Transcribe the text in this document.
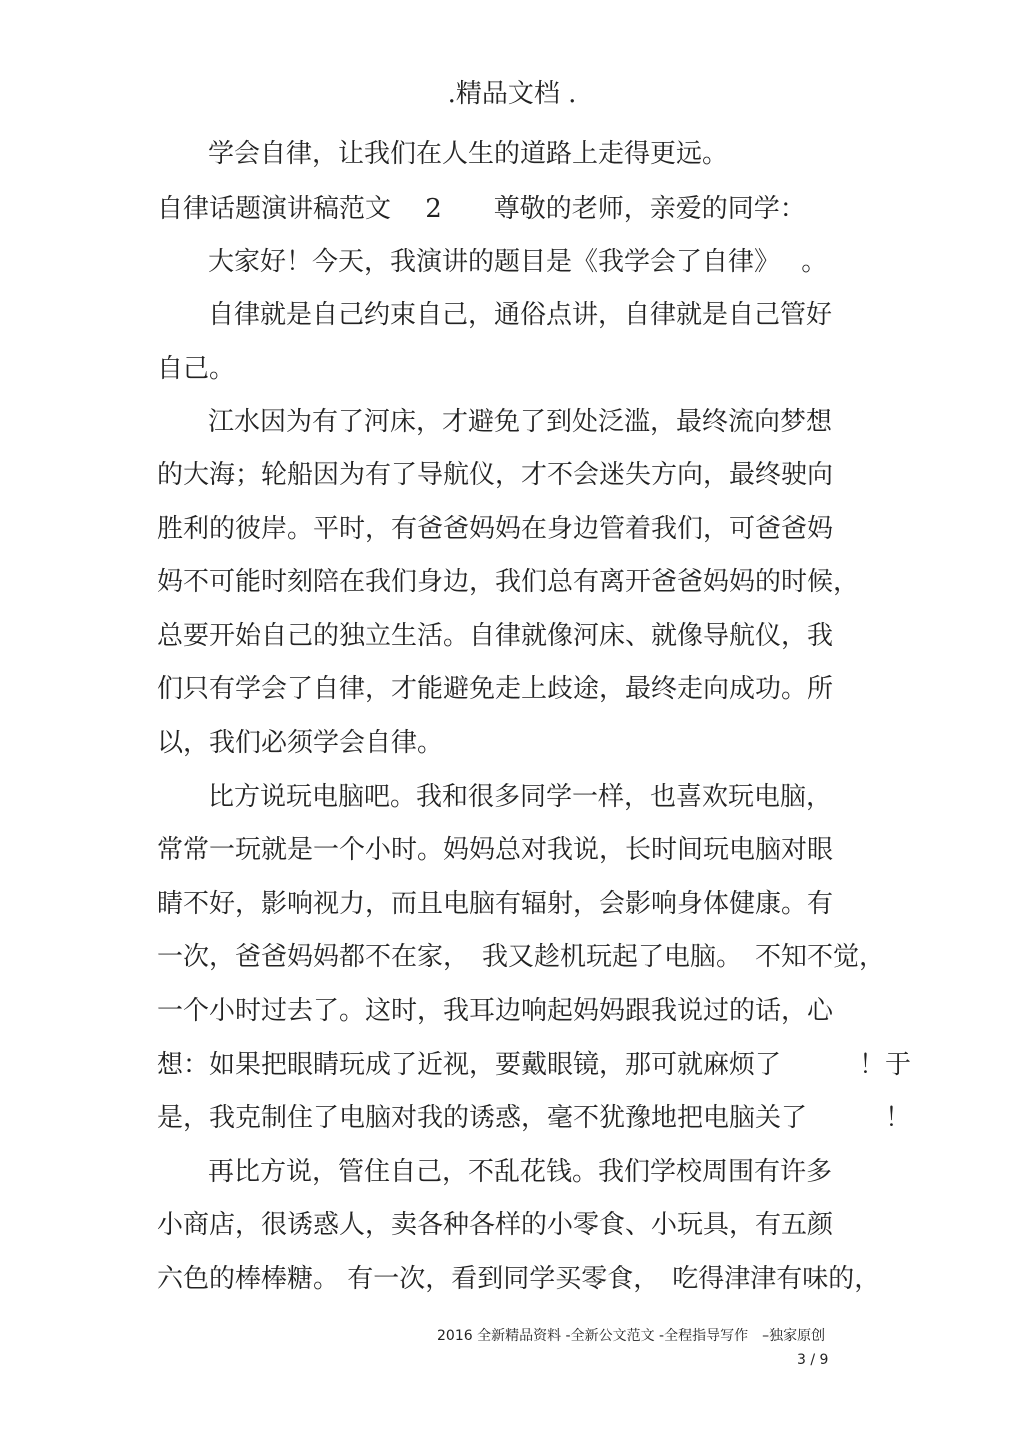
.精品文档 .
学会自律，让我们在人生的道路上走得更远。
自律话题演讲稿范文　 2　　尊敬的老师，亲爱的同学：
大家好！今天，我演讲的题目是《我学会了自律》　 。
自律就是自己约束自己，通俗点讲，自律就是自己管好
自己。
江水因为有了河床，才避免了到处泛滥，最终流向梦想
的大海；轮船因为有了导航仪，才不会迷失方向，最终驶向
胜利的彼岸。平时，有爸爸妈妈在身边管着我们，可爸爸妈
妈不可能时刻陪在我们身边，我们总有离开爸爸妈妈的时候，
总要开始自己的独立生活。自律就像河床、就像导航仪，我
们只有学会了自律，才能避免走上歧途，最终走向成功。所
以，我们必须学会自律。
比方说玩电脑吧。我和很多同学一样，也喜欢玩电脑，
常常一玩就是一个小时。妈妈总对我说，长时间玩电脑对眼
睛不好，影响视力，而且电脑有辐射，会影响身体健康。有
一次，爸爸妈妈都不在家，　我又趁机玩起了电脑。　不知不觉，
一个小时过去了。这时，我耳边响起妈妈跟我说过的话，心
想：如果把眼睛玩成了近视，要戴眼镜，那可就麻烦了　　　！于
是，我克制住了电脑对我的诱惑，毫不犹豫地把电脑关了　　　！
再比方说，管住自己，不乱花钱。我们学校周围有许多
小商店，很诱惑人，卖各种各样的小零食、小玩具，有五颜
六色的棒棒糖。 有一次，看到同学买零食，　吃得津津有味的，
2016 全新精品资料 -全新公文范文 -全程指导写作　–独家原创
3 / 9
